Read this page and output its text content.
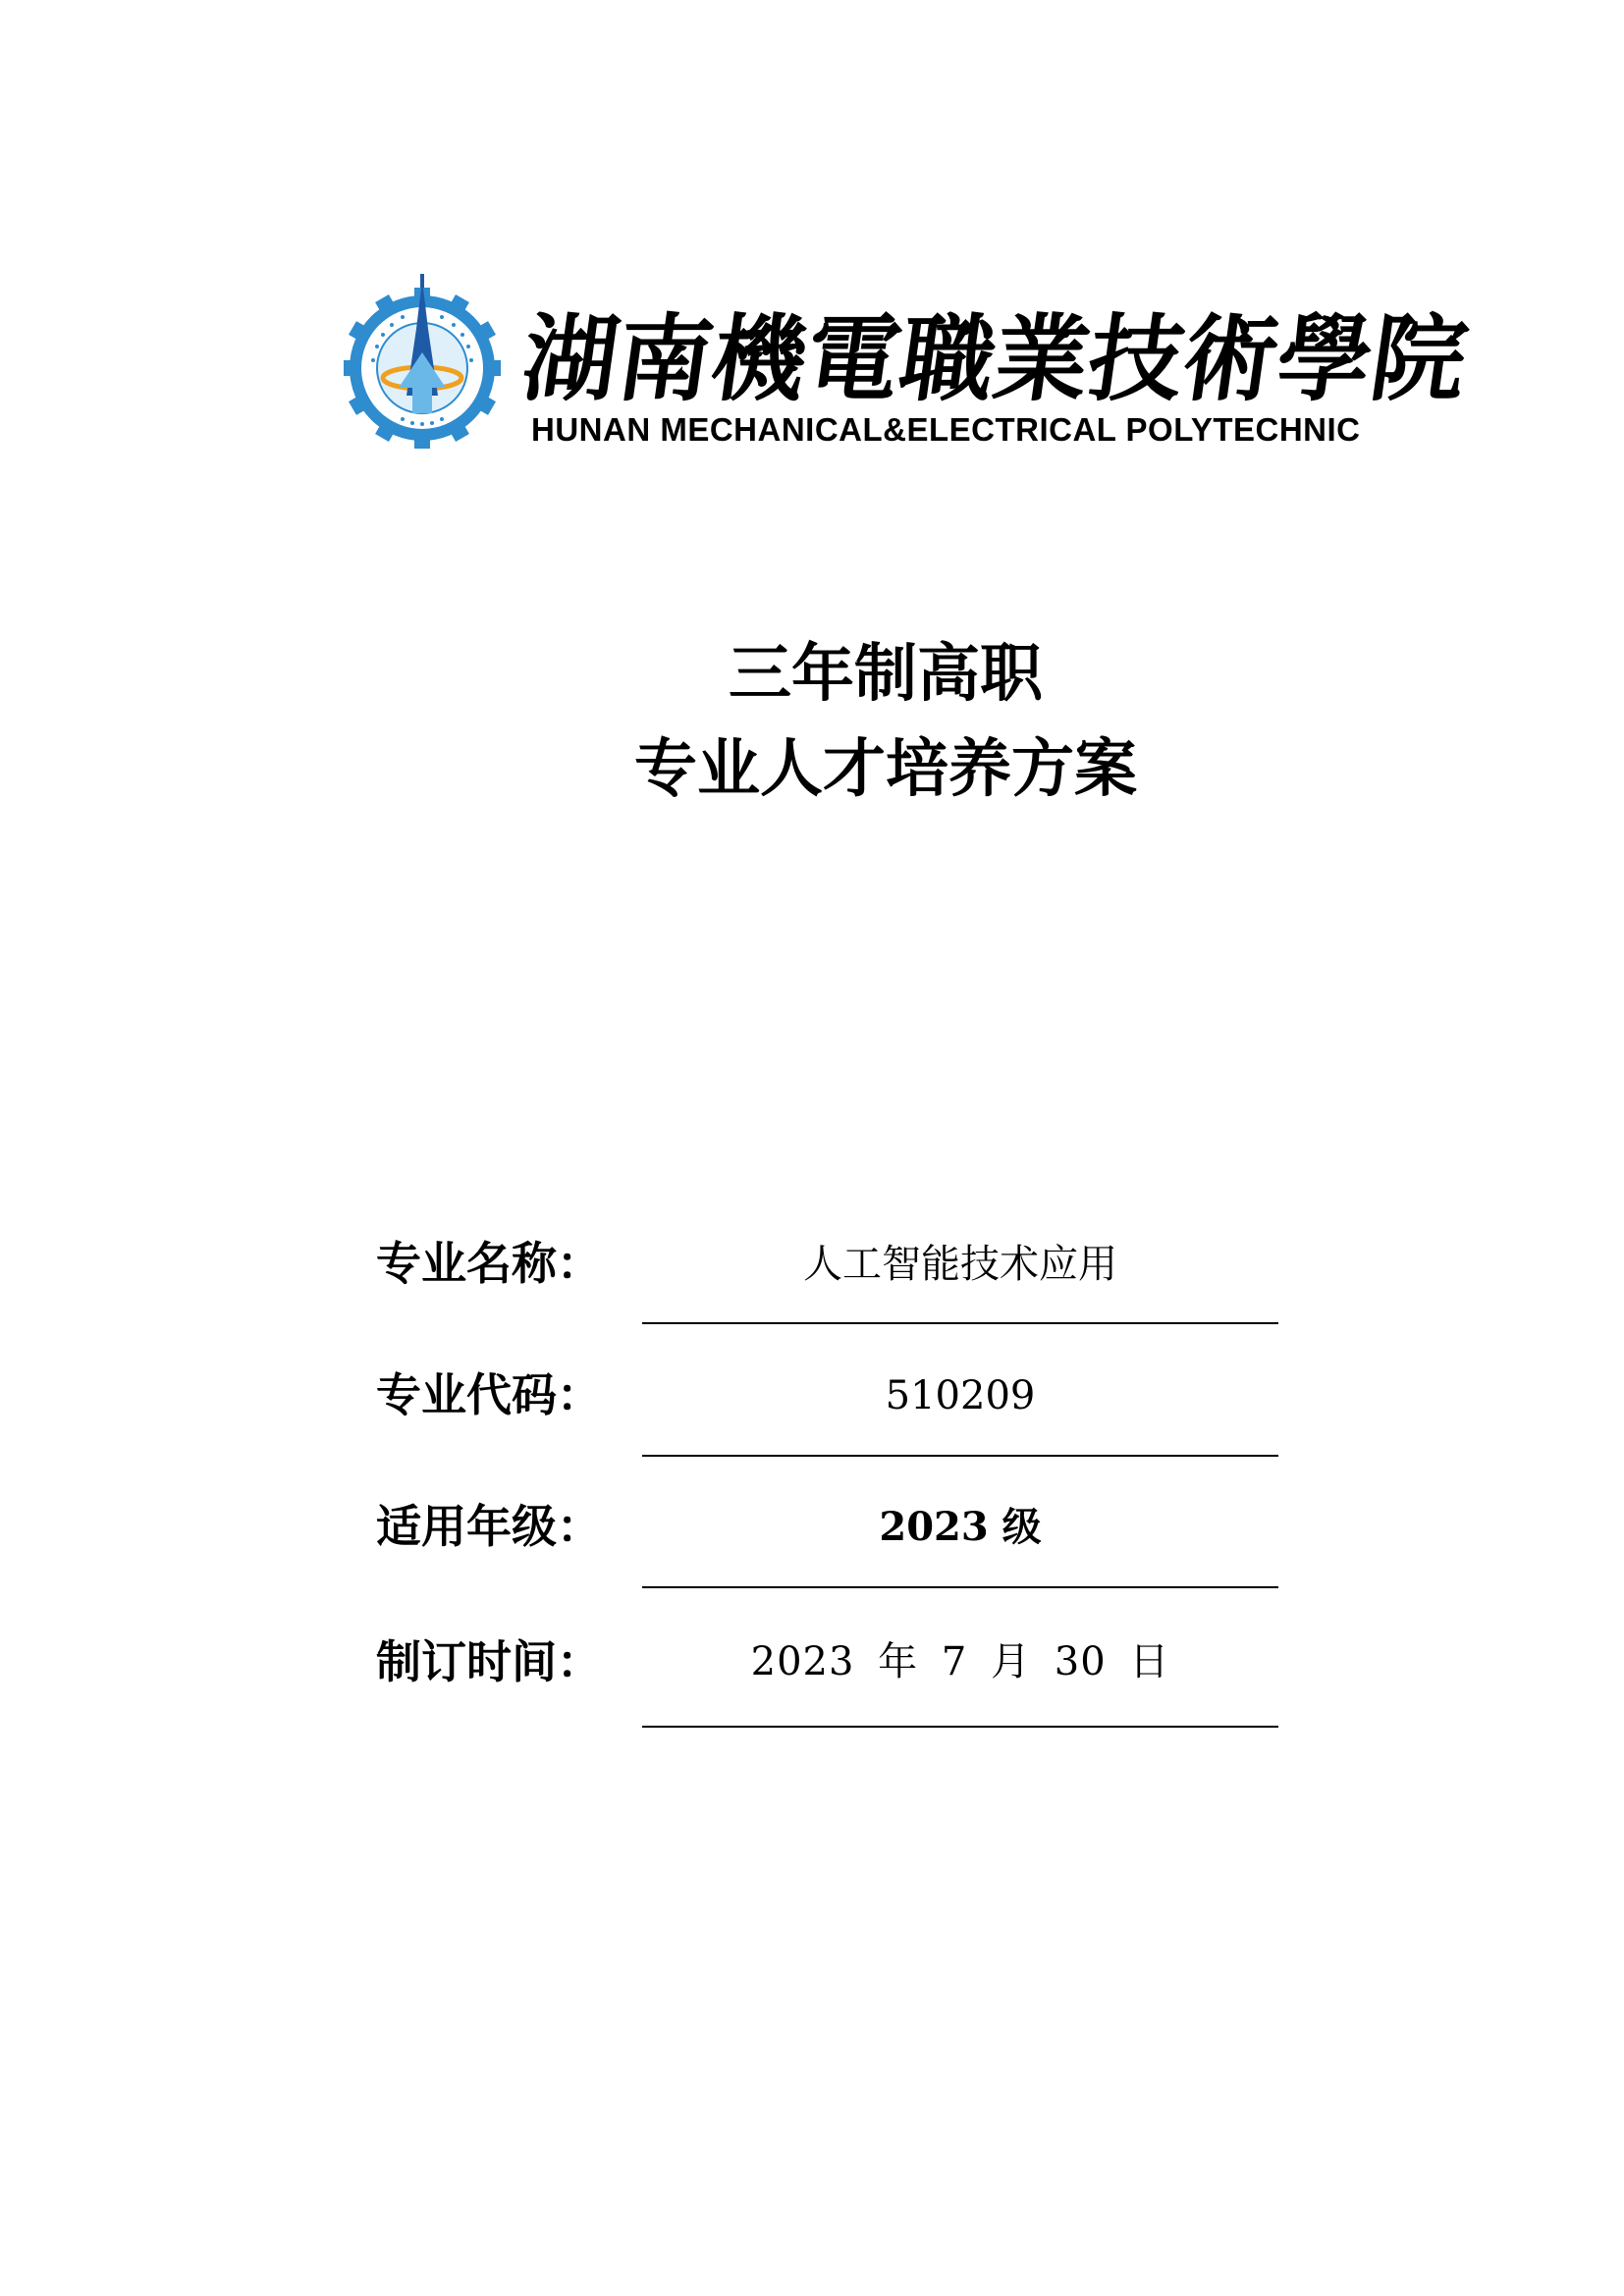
湖南機電職業技術學院
HUNAN MECHANICAL&ELECTRICAL POLYTECHNIC
三年制高职
专业人才培养方案
专业名称：	人工智能技术应用
专业代码：	510209
适用年级：	2023 级
制订时间：	2023 年 7 月 30 日
